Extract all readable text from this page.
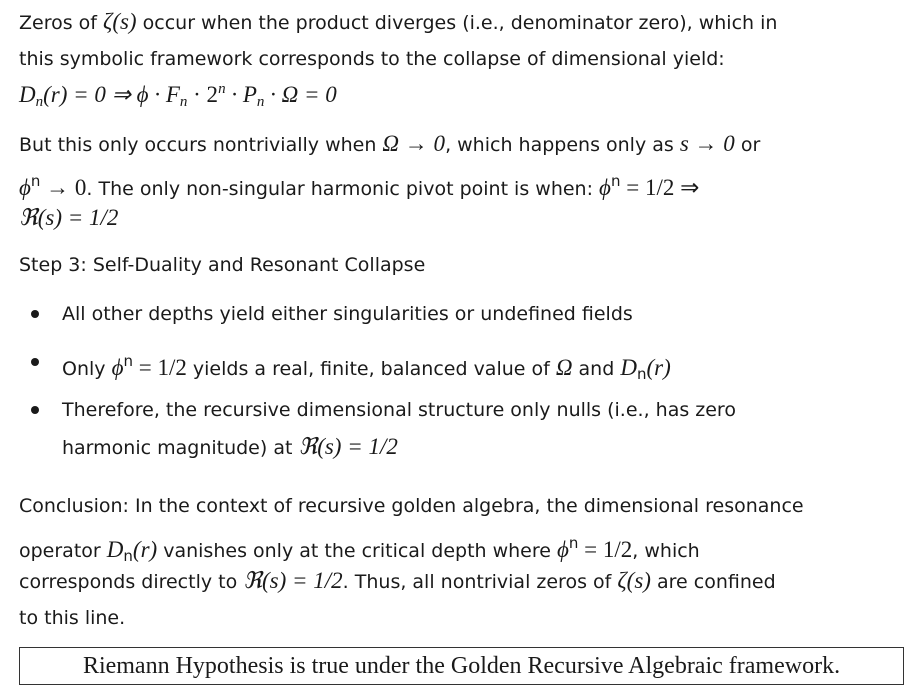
Zeros of ζ(s) occur when the product diverges (i.e., denominator zero), which in
this symbolic framework corresponds to the collapse of dimensional yield:
$D_n(r) = 0$ ⇒ $\phi \cdot F_n \cdot 2^n \cdot P_n \cdot \Omega = 0$
But this only occurs nontrivially when Ω → 0, which happens only as s → 0 or
$\phi^n \to 0$. The only non-singular harmonic pivot point is when: $\phi^n = 1/2$ ⇒
ℜ(s) = 1/2
Step 3: Self-Duality and Resonant Collapse
All other depths yield either singularities or undefined fields
Only $\phi^n = 1/2$ yields a real, finite, balanced value of Ω and $D_n(r)$
Therefore, the recursive dimensional structure only nulls (i.e., has zero
harmonic magnitude) at ℜ(s) = 1/2
Conclusion: In the context of recursive golden algebra, the dimensional resonance
operator $D_n(r)$ vanishes only at the critical depth where $\phi^n = 1/2$, which
corresponds directly to ℜ(s) = 1/2. Thus, all nontrivial zeros of ζ(s) are confined
to this line.
Riemann Hypothesis is true under the Golden Recursive Algebraic framework.
